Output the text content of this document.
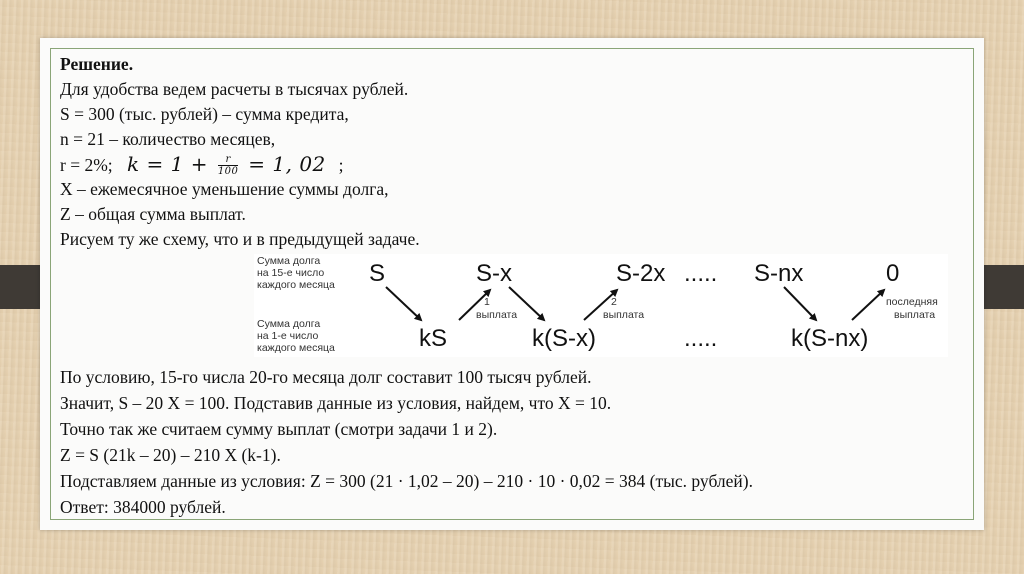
Решение.
Для удобства ведем расчеты в тысячах рублей.
S = 300 (тыс. рублей) – сумма кредита,
n = 21 – количество месяцев,
r = 2%; $k = 1 + \frac{r}{100} = 1$, 02 ;
X – ежемесячное уменьшение суммы долга,
Z – общая сумма выплат.
Рисуем ту же схему, что и в предыдущей задаче.
Сумма долга
на 15-е число
каждого месяца
Сумма долга
на 1-е число
каждого месяца
S	S-x	S-2x ..... S-nx	0
kS	k(S-x)	.....	k(S-nx)
1
выплата
2
выплата
последняя
выплата
По условию, 15-го числа 20-го месяца долг составит 100 тысяч рублей.
Значит, S – 20 X = 100. Подставив данные из условия, найдем, что X = 10.
Точно так же считаем сумму выплат (смотри задачи 1 и 2).
Z = S (21k – 20) – 210 X (k-1).
Подставляем данные из условия: Z = 300 (21 · 1,02 – 20) – 210 · 10 · 0,02 = 384 (тыс. рублей).
Ответ: 384000 рублей.
